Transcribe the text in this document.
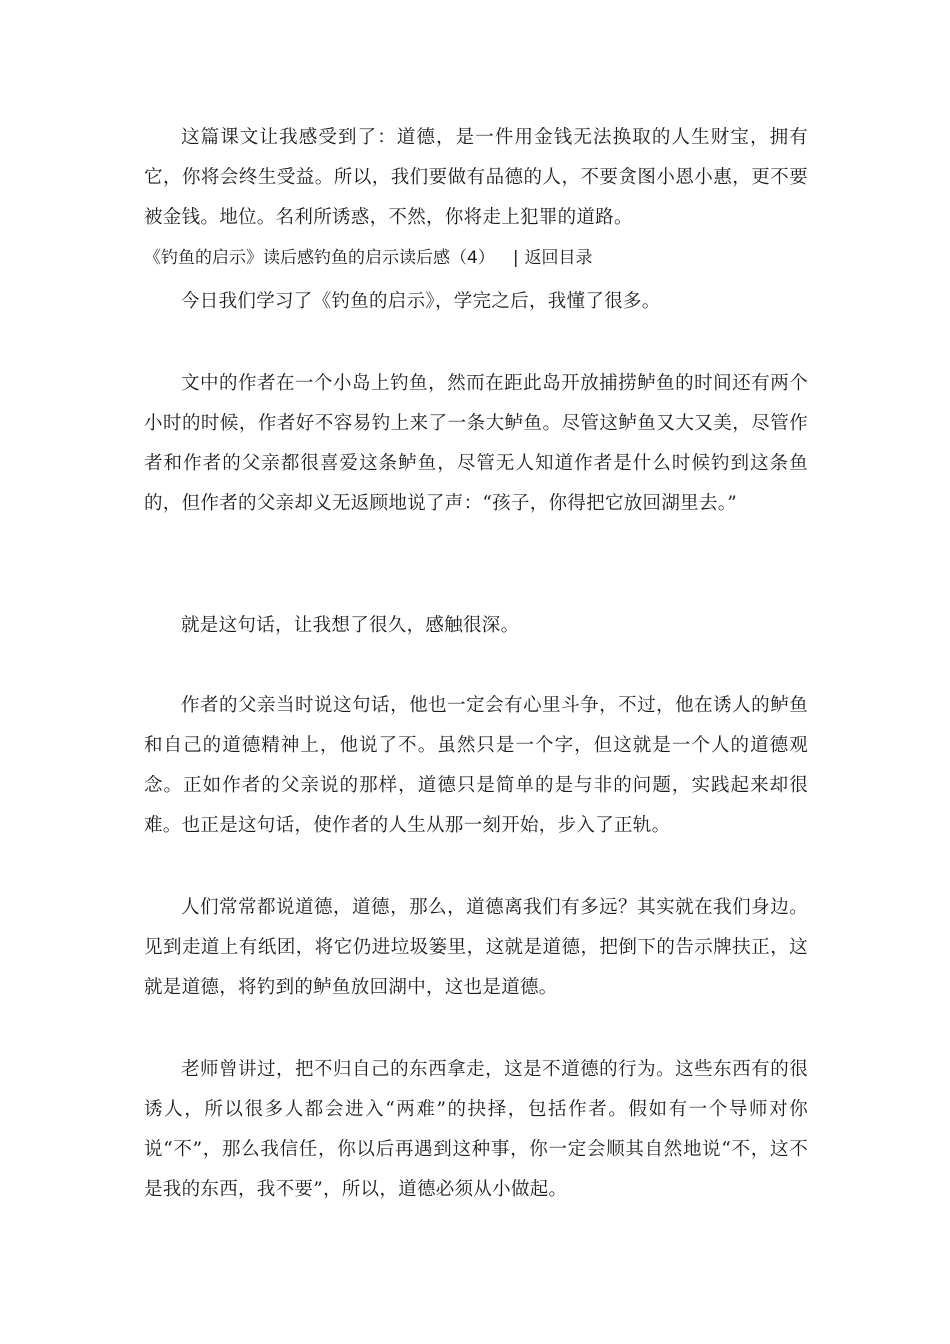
这篇课文让我感受到了：道德，是一件用金钱无法换取的人生财宝，拥有它，你将会终生受益。所以，我们要做有品德的人，不要贪图小恩小惠，更不要被金钱。地位。名利所诱惑，不然，你将走上犯罪的道路。

《钓鱼的启示》读后感钓鱼的启示读后感（4） | 返回目录

今日我们学习了《钓鱼的启示》，学完之后，我懂了很多。

文中的作者在一个小岛上钓鱼，然而在距此岛开放捕捞鲈鱼的时间还有两个小时的时候，作者好不容易钓上来了一条大鲈鱼。尽管这鲈鱼又大又美，尽管作者和作者的父亲都很喜爱这条鲈鱼，尽管无人知道作者是什么时候钓到这条鱼的，但作者的父亲却义无返顾地说了声：“孩子，你得把它放回湖里去。”

就是这句话，让我想了很久，感触很深。

作者的父亲当时说这句话，他也一定会有心里斗争，不过，他在诱人的鲈鱼和自己的道德精神上，他说了不。虽然只是一个字，但这就是一个人的道德观念。正如作者的父亲说的那样，道德只是简单的是与非的问题，实践起来却很难。也正是这句话，使作者的人生从那一刻开始，步入了正轨。

人们常常都说道德，道德，那么，道德离我们有多远？其实就在我们身边。见到走道上有纸团，将它仍进垃圾篓里，这就是道德，把倒下的告示牌扶正，这就是道德，将钓到的鲈鱼放回湖中，这也是道德。

老师曾讲过，把不归自己的东西拿走，这是不道德的行为。这些东西有的很诱人，所以很多人都会进入“两难”的抉择，包括作者。假如有一个导师对你说“不”，那么我信任，你以后再遇到这种事，你一定会顺其自然地说“不，这不是我的东西，我不要”，所以，道德必须从小做起。
